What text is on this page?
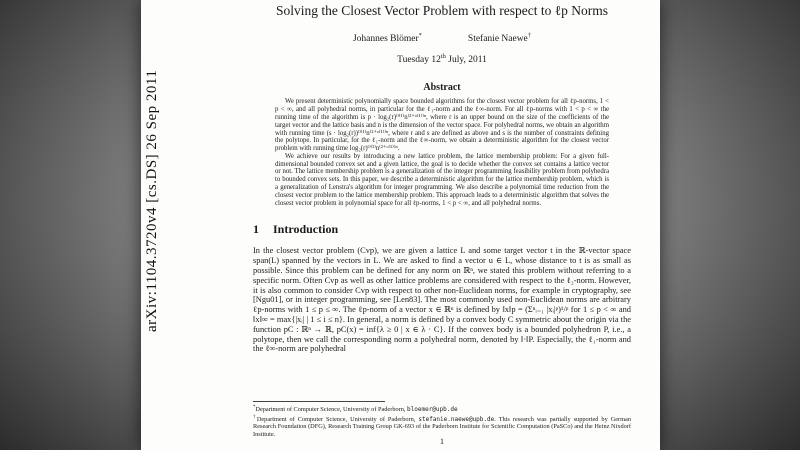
arXiv:1104.3720v4 [cs.DS] 26 Sep 2011
Solving the Closest Vector Problem with respect to ℓp Norms
Johannes Blömer*	Stefanie Naewe†
Tuesday 12th July, 2011
Abstract

We present deterministic polynomially space bounded algorithms for the closest vector problem for all ℓp-norms, 1 < p < ∞, and all polyhedral norms, in particular for the ℓ₁-norm and the ℓ∞-norm. For all ℓp-norms with 1 < p < ∞ the running time of the algorithm is p · log₂(r)ᴼ⁽¹⁾n⁽²⁺ᵒ⁽¹⁾⁾ⁿ, where r is an upper bound on the size of the coefficients of the target vector and the lattice basis and n is the dimension of the vector space. For polyhedral norms, we obtain an algorithm with running time (s · log₂(r))ᴼ⁽¹⁾n⁽²⁺ᵒ⁽¹⁾⁾ⁿ, where r and s are defined as above and s is the number of constraints defining the polytope. In particular, for the ℓ₁-norm and the ℓ∞-norm, we obtain a deterministic algorithm for the closest vector problem with running time log₂(r)ᴼ⁽¹⁾n⁽²⁺ᵒ⁽¹⁾⁾ⁿ.

We achieve our results by introducing a new lattice problem, the lattice membership problem: For a given full-dimensional bounded convex set and a given lattice, the goal is to decide whether the convex set contains a lattice vector or not. The lattice membership problem is a generalization of the integer programming feasibility problem from polyhedra to bounded convex sets. In this paper, we describe a deterministic algorithm for the lattice membership problem, which is a generalization of Lenstra's algorithm for integer programming. We also describe a polynomial time reduction from the closest vector problem to the lattice membership problem. This approach leads to a deterministic algorithm that solves the closest vector problem in polynomial space for all ℓp-norms, 1 < p < ∞, and all polyhedral norms.

1 Introduction

In the closest vector problem (Cvp), we are given a lattice L and some target vector t in the ℝ-vector space span(L) spanned by the vectors in L. We are asked to find a vector u ∈ L, whose distance to t is as small as possible. Since this problem can be defined for any norm on ℝⁿ, we stated this problem without referring to a specific norm. Often Cvp as well as other lattice problems are considered with respect to the ℓ₂-norm. However, it is also common to consider Cvp with respect to other non-Euclidean norms, for example in cryptography, see [Ngu01], or in integer programming, see [Len83]. The most commonly used non-Euclidean norms are arbitrary ℓp-norms with 1 ≤ p ≤ ∞. The ℓp-norm of a vector x ∈ ℝⁿ is defined by ‖x‖p = (Σⁿᵢ₌₁ |xᵢ|ᵖ)¹/ᵖ for 1 ≤ p < ∞ and ‖x‖∞ = max{|xᵢ| | 1 ≤ i ≤ n}. In general, a norm is defined by a convex body C symmetric about the origin via the function pC : ℝⁿ → ℝ, pC(x) = inf{λ ≥ 0 | x ∈ λ · C}. If the convex body is a bounded polyhedron P, i.e., a polytope, then we call the corresponding norm a polyhedral norm, denoted by ‖·‖P. Especially, the ℓ₁-norm and the ℓ∞-norm are polyhedral

*Department of Computer Science, University of Paderborn, bloemer@upb.de

†Department of Computer Science, University of Paderborn, stefanie.naewe@upb.de. This research was partially supported by German Research Foundation (DFG), Research Training Group GK-693 of the Paderborn Institute for Scientific Computation (PaSCo) and the Heinz Nixdorf Institute.

1
